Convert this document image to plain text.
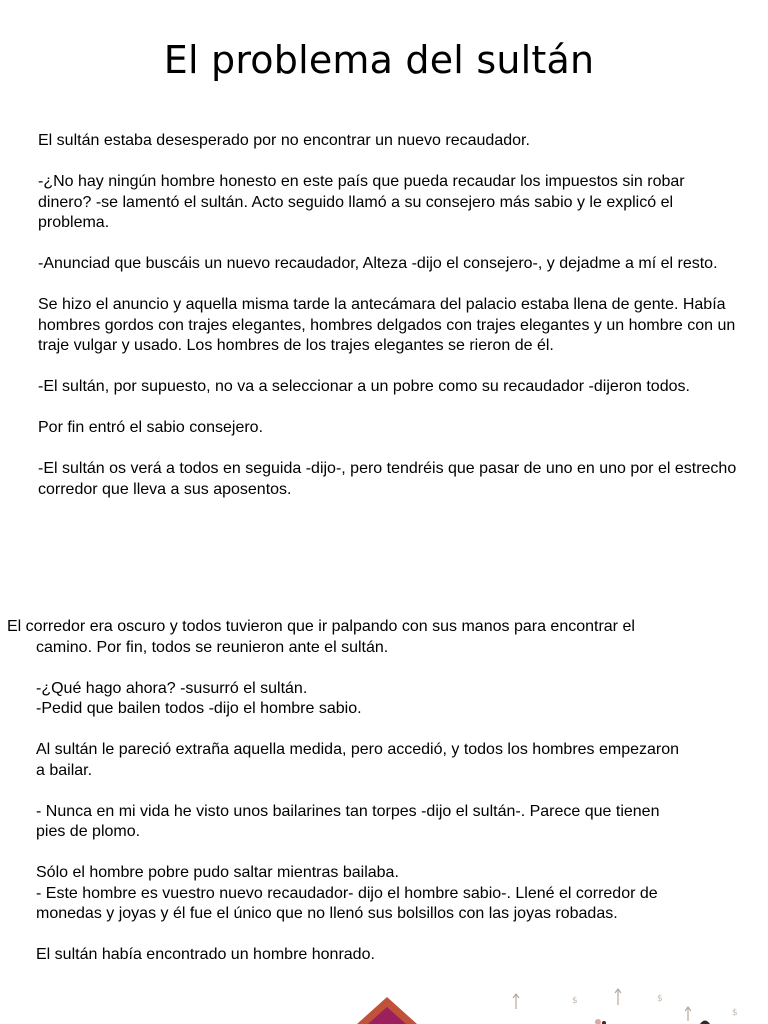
El problema del sultán

El sultán estaba desesperado por no encontrar un nuevo recaudador.

-¿No hay ningún hombre honesto en este país que pueda recaudar los impuestos sin robar dinero? -se lamentó el sultán. Acto seguido llamó a su consejero más sabio y le explicó el problema.

-Anunciad que buscáis un nuevo recaudador, Alteza -dijo el consejero-, y dejadme a mí el resto.

Se hizo el anuncio y aquella misma tarde la antecámara del palacio estaba llena de gente. Había hombres gordos con trajes elegantes, hombres delgados con trajes elegantes y un hombre con un traje vulgar y usado. Los hombres de los trajes elegantes se rieron de él.

-El sultán, por supuesto, no va a seleccionar a un pobre como su recaudador -dijeron todos.

Por fin entró el sabio consejero.

-El sultán os verá a todos en seguida -dijo-, pero tendréis que pasar de uno en uno por el estrecho corredor que lleva a sus aposentos.

El corredor era oscuro y todos tuvieron que ir palpando con sus manos para encontrar el camino. Por fin, todos se reunieron ante el sultán.

-¿Qué hago ahora? -susurró el sultán.
-Pedid que bailen todos -dijo el hombre sabio.

Al sultán le pareció extraña aquella medida, pero accedió, y todos los hombres empezaron a bailar.

- Nunca en mi vida he visto unos bailarines tan torpes -dijo el sultán-. Parece que tienen pies de plomo.

Sólo el hombre pobre pudo saltar mientras bailaba.
- Este hombre es vuestro nuevo recaudador- dijo el hombre sabio-. Llené el corredor de monedas y joyas y él fue el único que no llenó sus bolsillos con las joyas robadas.

El sultán había encontrado un hombre honrado.

$	$
$
